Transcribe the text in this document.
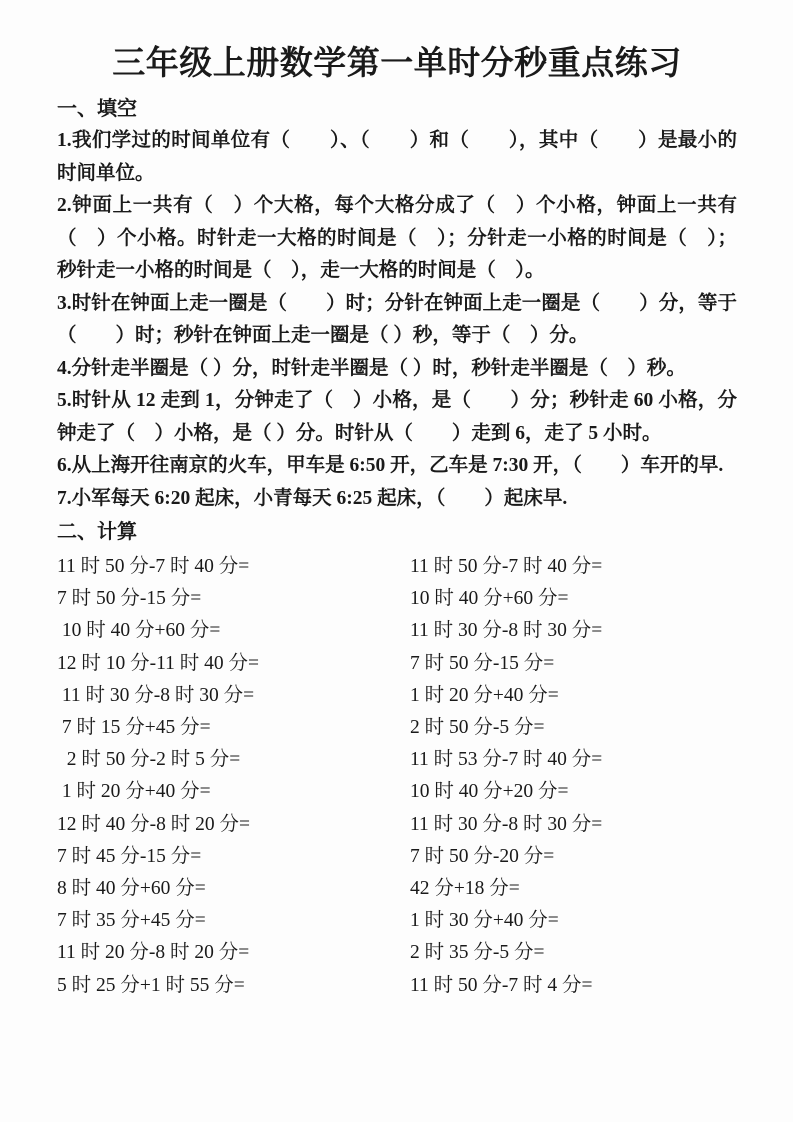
三年级上册数学第一单时分秒重点练习
一、填空

1.我们学过的时间单位有（　　）、（　　）和（　　），其中（　　）是最小的时间单位。

2.钟面上一共有（　）个大格，每个大格分成了（　）个小格，钟面上一共有（　）个小格。时针走一大格的时间是（　）；分针走一小格的时间是（　）；秒针走一小格的时间是（　），走一大格的时间是（　）。

3.时针在钟面上走一圈是（　　）时；分针在钟面上走一圈是（　　）分，等于（　　）时；秒针在钟面上走一圈是（ ）秒，等于（　）分。

4.分针走半圈是（ ）分，时针走半圈是（ ）时，秒针走半圈是（　）秒。

5.时针从 12 走到 1，分钟走了（　）小格，是（　　）分；秒针走 60 小格，分钟走了（　）小格，是（ ）分。时针从（　　）走到 6，走了 5 小时。

6.从上海开往南京的火车，甲车是 6:50 开，乙车是 7:30 开，（　　）车开的早.

7.小军每天 6:20 起床，小青每天 6:25 起床，（　　）起床早.

二、计算

11 时 50 分-7 时 40 分=

7 时 50 分-15 分=

10 时 40 分+60 分=

12 时 10 分-11 时 40 分=

11 时 30 分-8 时 30 分=

7 时 15 分+45 分=

2 时 50 分-2 时 5 分=

1 时 20 分+40 分=

12 时 40 分-8 时 20 分=

7 时 45 分-15 分=

8 时 40 分+60 分=

7 时 35 分+45 分=

11 时 20 分-8 时 20 分=

5 时 25 分+1 时 55 分=

11 时 50 分-7 时 40 分=

10 时 40 分+60 分=

11 时 30 分-8 时 30 分=

7 时 50 分-15 分=

1 时 20 分+40 分=

2 时 50 分-5 分=

11 时 53 分-7 时 40 分=

10 时 40 分+20 分=

11 时 30 分-8 时 30 分=

7 时 50 分-20 分=

42 分+18 分=

1 时 30 分+40 分=

2 时 35 分-5 分=

11 时 50 分-7 时 4 分=
